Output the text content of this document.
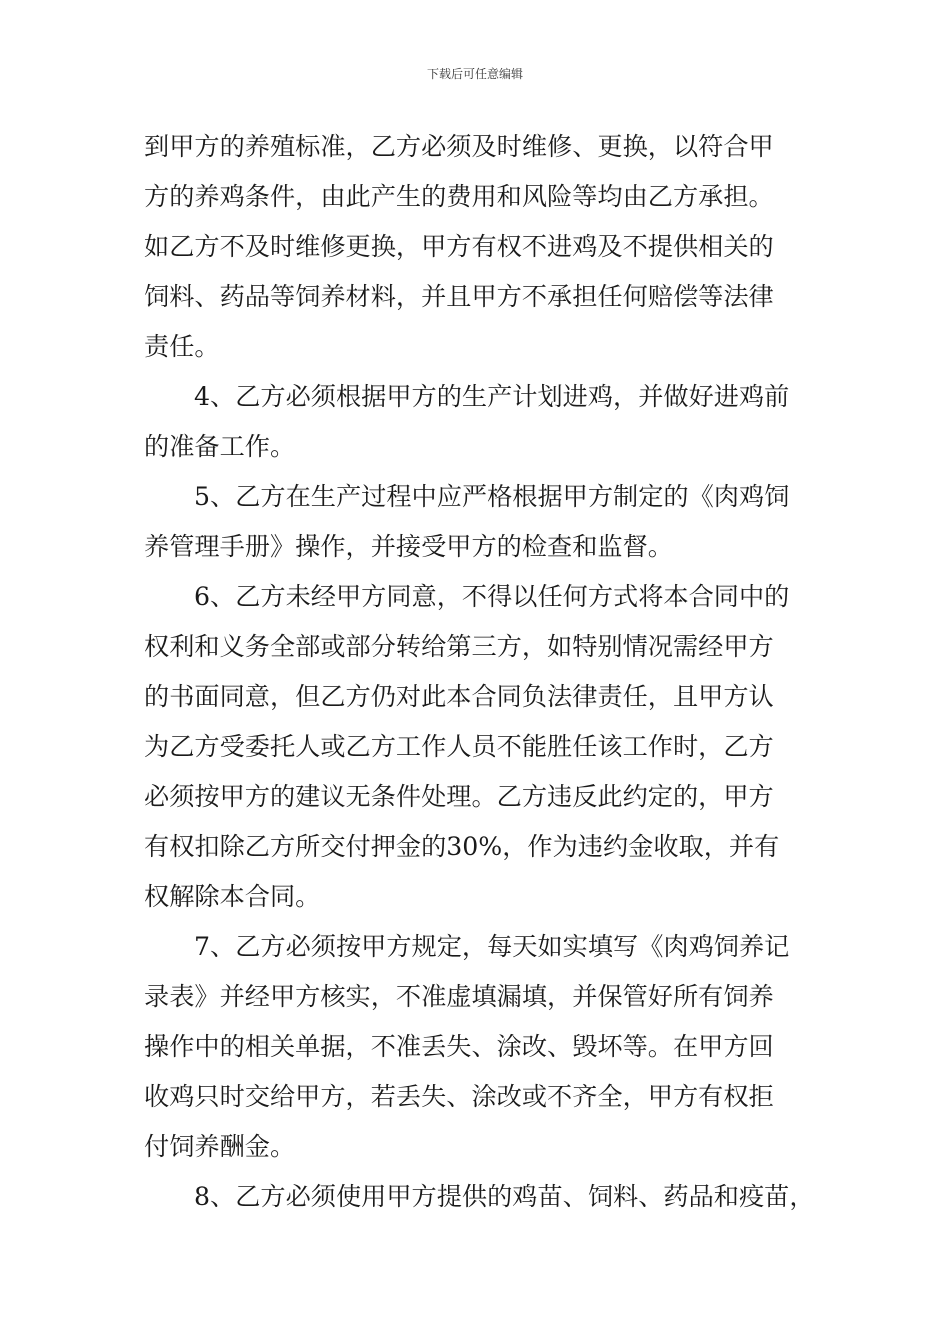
下载后可任意编辑
到甲方的养殖标准，乙方必须及时维修、更换，以符合甲
方的养鸡条件，由此产生的费用和风险等均由乙方承担。
如乙方不及时维修更换，甲方有权不进鸡及不提供相关的
饲料、药品等饲养材料，并且甲方不承担任何赔偿等法律
责任。
4、乙方必须根据甲方的生产计划进鸡，并做好进鸡前
的准备工作。
5、乙方在生产过程中应严格根据甲方制定的《肉鸡饲
养管理手册》操作，并接受甲方的检查和监督。
6、乙方未经甲方同意，不得以任何方式将本合同中的
权利和义务全部或部分转给第三方，如特别情况需经甲方
的书面同意，但乙方仍对此本合同负法律责任，且甲方认
为乙方受委托人或乙方工作人员不能胜任该工作时，乙方
必须按甲方的建议无条件处理。乙方违反此约定的，甲方
有权扣除乙方所交付押金的30%，作为违约金收取，并有
权解除本合同。
7、乙方必须按甲方规定，每天如实填写《肉鸡饲养记
录表》并经甲方核实，不准虚填漏填，并保管好所有饲养
操作中的相关单据，不准丢失、涂改、毁坏等。在甲方回
收鸡只时交给甲方，若丢失、涂改或不齐全，甲方有权拒
付饲养酬金。
8、乙方必须使用甲方提供的鸡苗、饲料、药品和疫苗，
